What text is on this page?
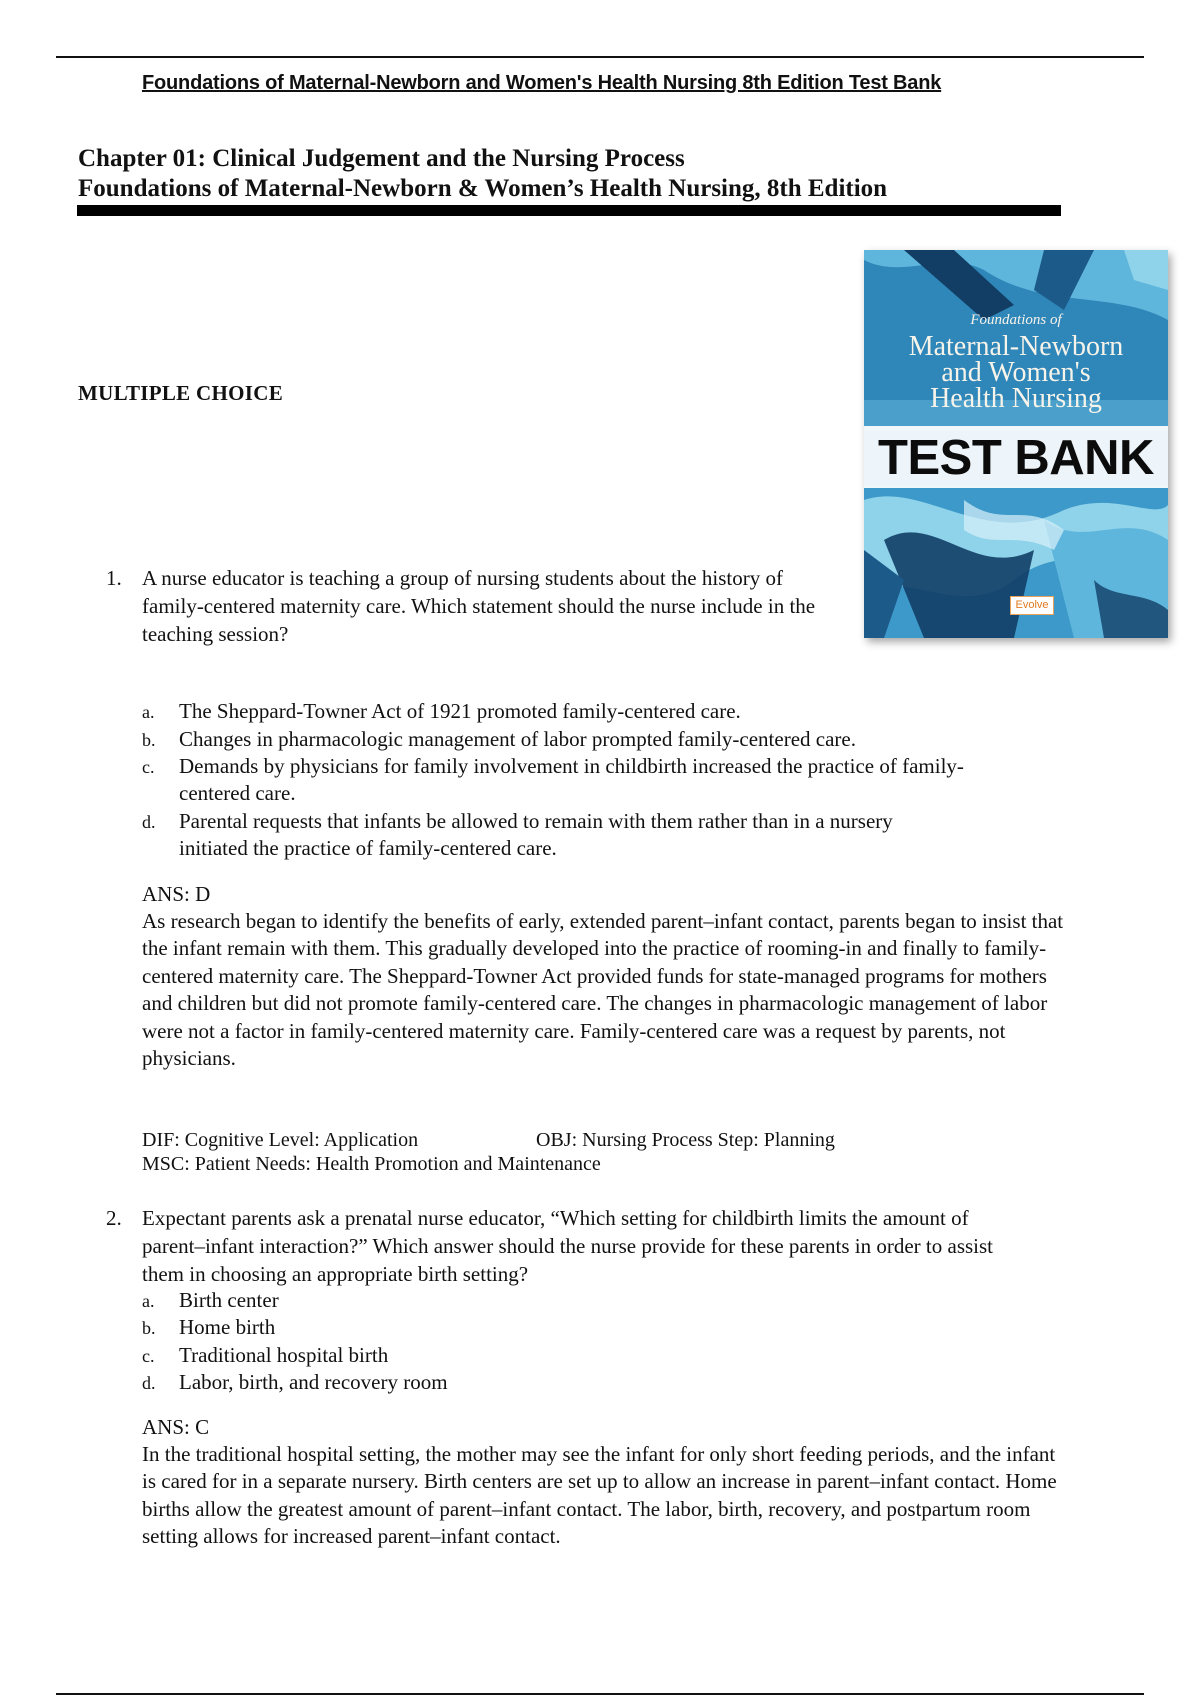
Foundations of Maternal-Newborn and Women's Health Nursing 8th Edition Test Bank
Chapter 01: Clinical Judgement and the Nursing Process
Foundations of Maternal-Newborn & Women’s Health Nursing, 8th Edition
MULTIPLE CHOICE
Foundations of
Maternal-Newborn
and Women's
Health Nursing
TEST BANK
Evolve
1. A nurse educator is teaching a group of nursing students about the history of family-centered maternity care. Which statement should the nurse include in the teaching session?
a. The Sheppard-Towner Act of 1921 promoted family-centered care.
b. Changes in pharmacologic management of labor prompted family-centered care.
c. Demands by physicians for family involvement in childbirth increased the practice of family-centered care.
d. Parental requests that infants be allowed to remain with them rather than in a nursery initiated the practice of family-centered care.
ANS: D
As research began to identify the benefits of early, extended parent–infant contact, parents began to insist that the infant remain with them. This gradually developed into the practice of rooming-in and finally to family-centered maternity care. The Sheppard-Towner Act provided funds for state-managed programs for mothers and children but did not promote family-centered care. The changes in pharmacologic management of labor were not a factor in family-centered maternity care. Family-centered care was a request by parents, not physicians.
DIF: Cognitive Level: Application	OBJ: Nursing Process Step: Planning
MSC: Patient Needs: Health Promotion and Maintenance
2. Expectant parents ask a prenatal nurse educator, “Which setting for childbirth limits the amount of parent–infant interaction?” Which answer should the nurse provide for these parents in order to assist them in choosing an appropriate birth setting?
a. Birth center
b. Home birth
c. Traditional hospital birth
d. Labor, birth, and recovery room
ANS: C
In the traditional hospital setting, the mother may see the infant for only short feeding periods, and the infant is cared for in a separate nursery. Birth centers are set up to allow an increase in parent–infant contact. Home births allow the greatest amount of parent–infant contact. The labor, birth, recovery, and postpartum room setting allows for increased parent–infant contact.
